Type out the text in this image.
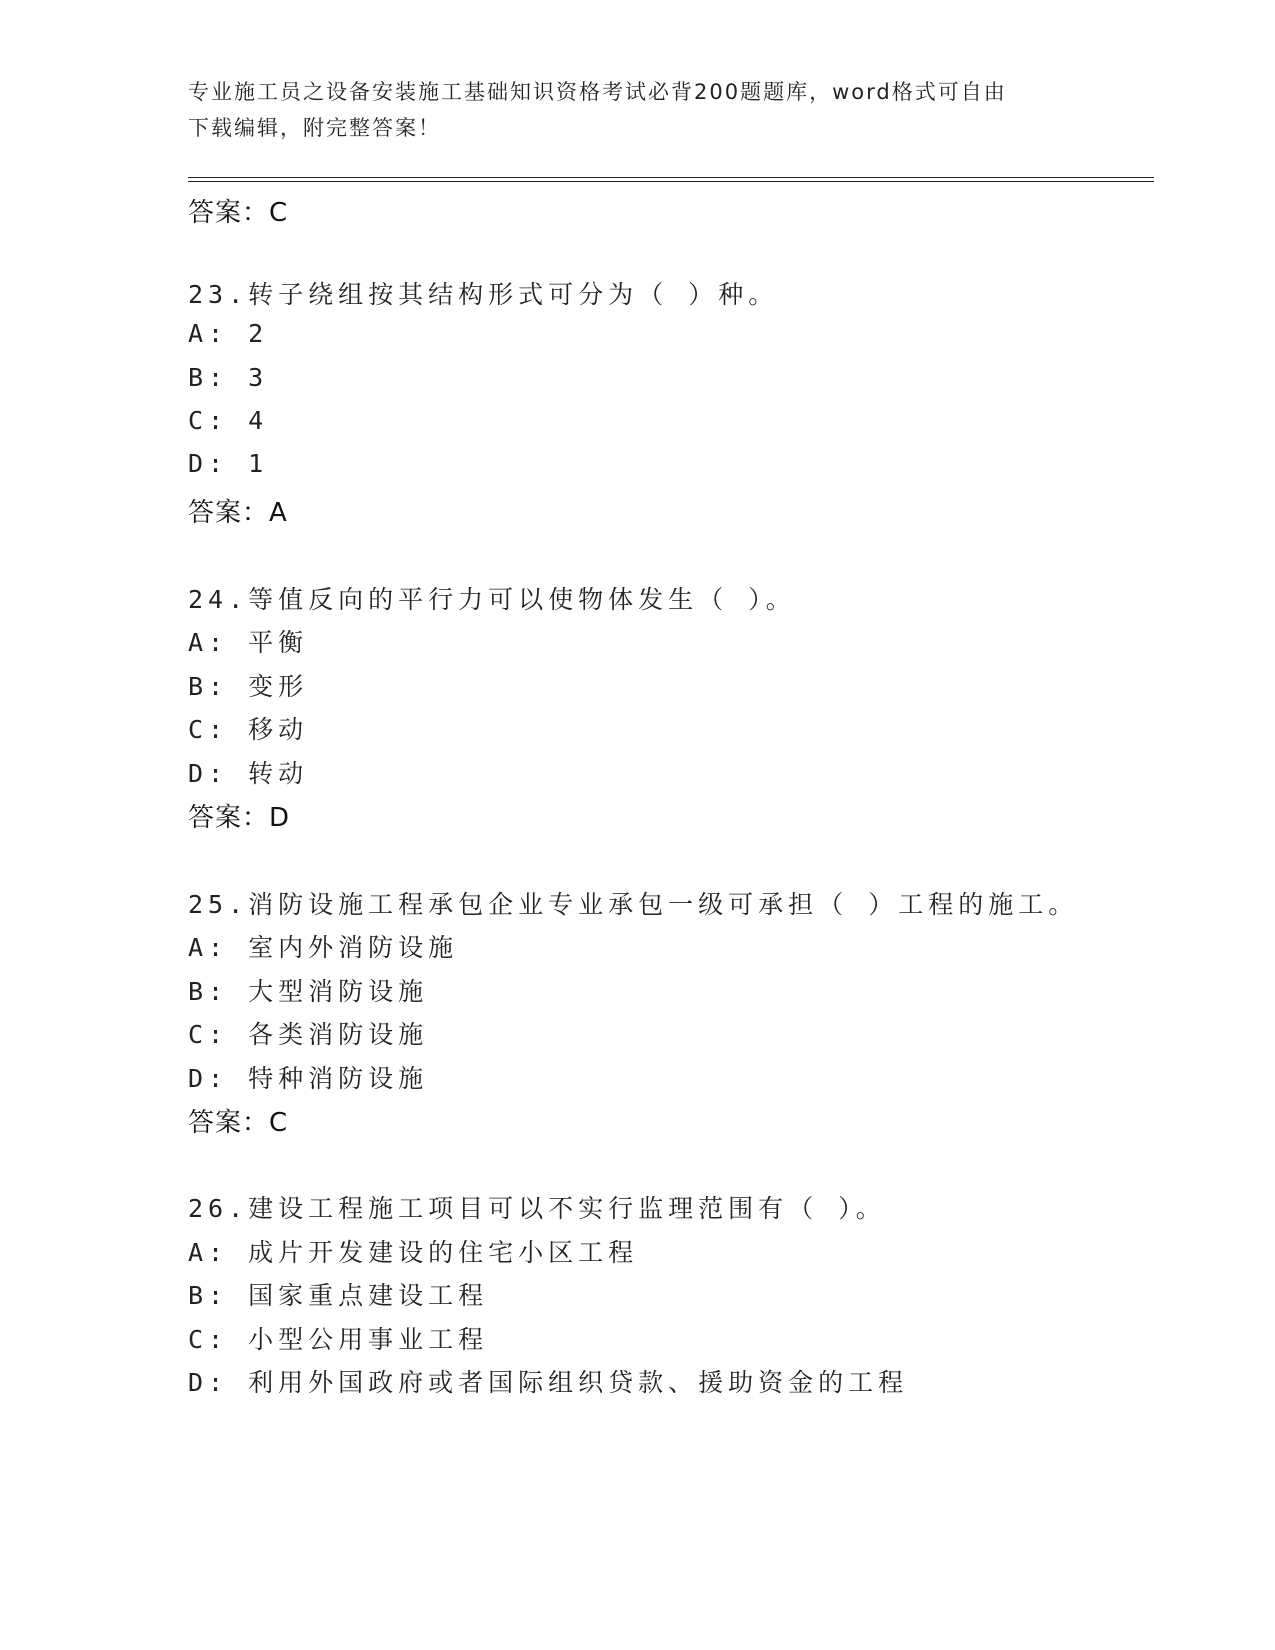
专业施工员之设备安装施工基础知识资格考试必背200题题库，word格式可自由
下载编辑，附完整答案！
答案：C
23.转子绕组按其结构形式可分为（ ）种。
A: 2
B: 3
C: 4
D: 1
答案：A
24.等值反向的平行力可以使物体发生（ ）。
A: 平衡
B: 变形
C: 移动
D: 转动
答案：D
25.消防设施工程承包企业专业承包一级可承担（ ）工程的施工。
A: 室内外消防设施
B: 大型消防设施
C: 各类消防设施
D: 特种消防设施
答案：C
26.建设工程施工项目可以不实行监理范围有（ ）。
A: 成片开发建设的住宅小区工程
B: 国家重点建设工程
C: 小型公用事业工程
D: 利用外国政府或者国际组织贷款、援助资金的工程
